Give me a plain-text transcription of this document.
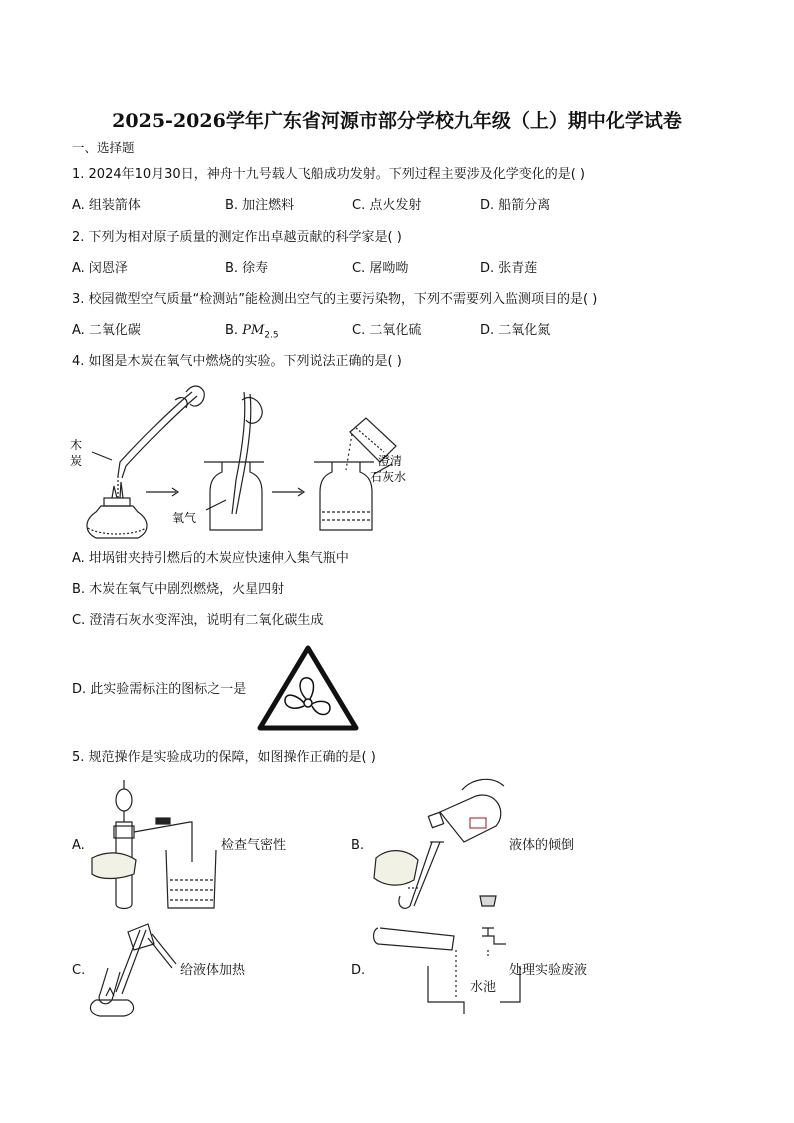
2025-2026学年广东省河源市部分学校九年级（上）期中化学试卷
一、选择题
1. 2024年10月30日，神舟十九号载人飞船成功发射。下列过程主要涉及化学变化的是( )
A. 组装箭体	B. 加注燃料	C. 点火发射	D. 船箭分离
2. 下列为相对原子质量的测定作出卓越贡献的科学家是( )
A. 闵恩泽	B. 徐寿	C. 屠呦呦	D. 张青莲
3. 校园微型空气质量“检测站”能检测出空气的主要污染物，下列不需要列入监测项目的是( )
A. 二氧化碳	B. $PM_{2.5}$	C. 二氧化硫	D. 二氧化氮
4. 如图是木炭在氧气中燃烧的实验。下列说法正确的是( )
木
炭
氧气
澄清
石灰水
A. 坩埚钳夹持引燃后的木炭应快速伸入集气瓶中
B. 木炭在氧气中剧烈燃烧，火星四射
C. 澄清石灰水变浑浊，说明有二氧化碳生成
D. 此实验需标注的图标之一是
5. 规范操作是实验成功的保障，如图操作正确的是( )
A.	检查气密性	B.	液体的倾倒
C.	给液体加热	D.	处理实验废液
水池
